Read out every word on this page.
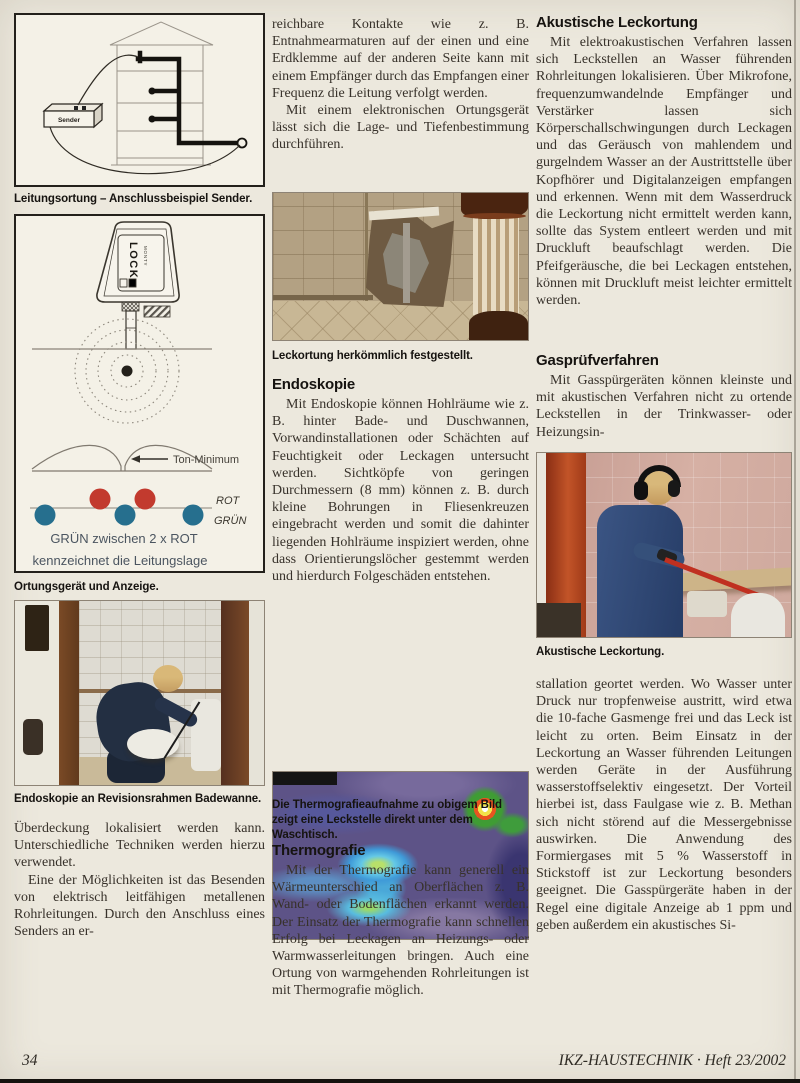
Sender
Leitungsortung – Anschlussbeispiel Sender.
LOCK MONTY
Ton-Minimum
ROT
GRÜN
GRÜN zwischen 2 x ROT
kennzeichnet die Leitungslage
Ortungsgerät und Anzeige.
Endoskopie an Revisionsrahmen Badewanne.

Überdeckung lokalisiert werden kann. Unterschiedliche Techniken werden hierzu verwendet.

Eine der Möglichkeiten ist das Besenden von elektrisch leitfähigen metallenen Rohrleitungen. Durch den Anschluss eines Senders an er-

reichbare Kontakte wie z. B. Entnahmearmaturen auf der einen und eine Erdklemme auf der anderen Seite kann mit einem Empfänger durch das Empfangen einer Frequenz die Leitung verfolgt werden.

Mit einem elektronischen Ortungsgerät lässt sich die Lage- und Tiefenbestimmung durchführen.

Leckortung herkömmlich festgestellt.
Endoskopie

Mit Endoskopie können Hohlräume wie z. B. hinter Bade- und Duschwannen, Vorwandinstallationen oder Schächten auf Feuchtigkeit oder Leckagen untersucht werden. Sichtköpfe von geringen Durchmessern (8 mm) können z. B. durch kleine Bohrungen in Fliesenkreuzen eingebracht werden und somit die dahinter liegenden Hohlräume inspiziert werden, ohne dass Orientierungslöcher gestemmt werden und hierdurch Folgeschäden entstehen.

Die Thermografieaufnahme zu obigem Bild zeigt eine Leckstelle direkt unter dem Waschtisch.
Thermografie

Mit der Thermografie kann generell ein Wärmeunterschied an Oberflächen z. B. Wand- oder Bodenflächen erkannt werden. Der Einsatz der Thermografie kann schnellen Erfolg bei Leckagen an Heizungs- oder Warmwasserleitungen bringen. Auch eine Ortung von warmgehenden Rohrleitungen ist mit Thermografie möglich.

Akustische Leckortung

Mit elektroakustischen Verfahren lassen sich Leckstellen an Wasser führenden Rohrleitungen lokalisieren. Über Mikrofone, frequenzumwandelnde Empfänger und Verstärker lassen sich Körperschallschwingungen durch Leckagen und das Geräusch von mahlendem und gurgelndem Wasser an der Austrittstelle über Kopfhörer und Digitalanzeigen empfangen und erkennen. Wenn mit dem Wasserdruck die Leckortung nicht ermittelt werden kann, sollte das System entleert werden und mit Druckluft beaufschlagt werden. Die Pfeifgeräusche, die bei Leckagen entstehen, können mit Druckluft meist leichter ermittelt werden.

Gasprüfverfahren

Mit Gasspürgeräten können kleinste und mit akustischen Verfahren nicht zu ortende Leckstellen in der Trinkwasser- oder Heizungsin-

Akustische Leckortung.

stallation geortet werden. Wo Wasser unter Druck nur tropfenweise austritt, wird etwa die 10-fache Gasmenge frei und das Leck ist leicht zu orten. Beim Einsatz in der Leckortung an Wasser führenden Leitungen werden Geräte in der Ausführung wasserstoffselektiv eingesetzt. Der Vorteil hierbei ist, dass Faulgase wie z. B. Methan sich nicht störend auf die Messergebnisse auswirken. Die Anwendung des Formiergases mit 5 % Wasserstoff in Stickstoff ist zur Leckortung besonders geeignet. Die Gasspürgeräte haben in der Regel eine digitale Anzeige ab 1 ppm und geben außerdem ein akustisches Si-

34	IKZ-HAUSTECHNIK · Heft 23/2002
